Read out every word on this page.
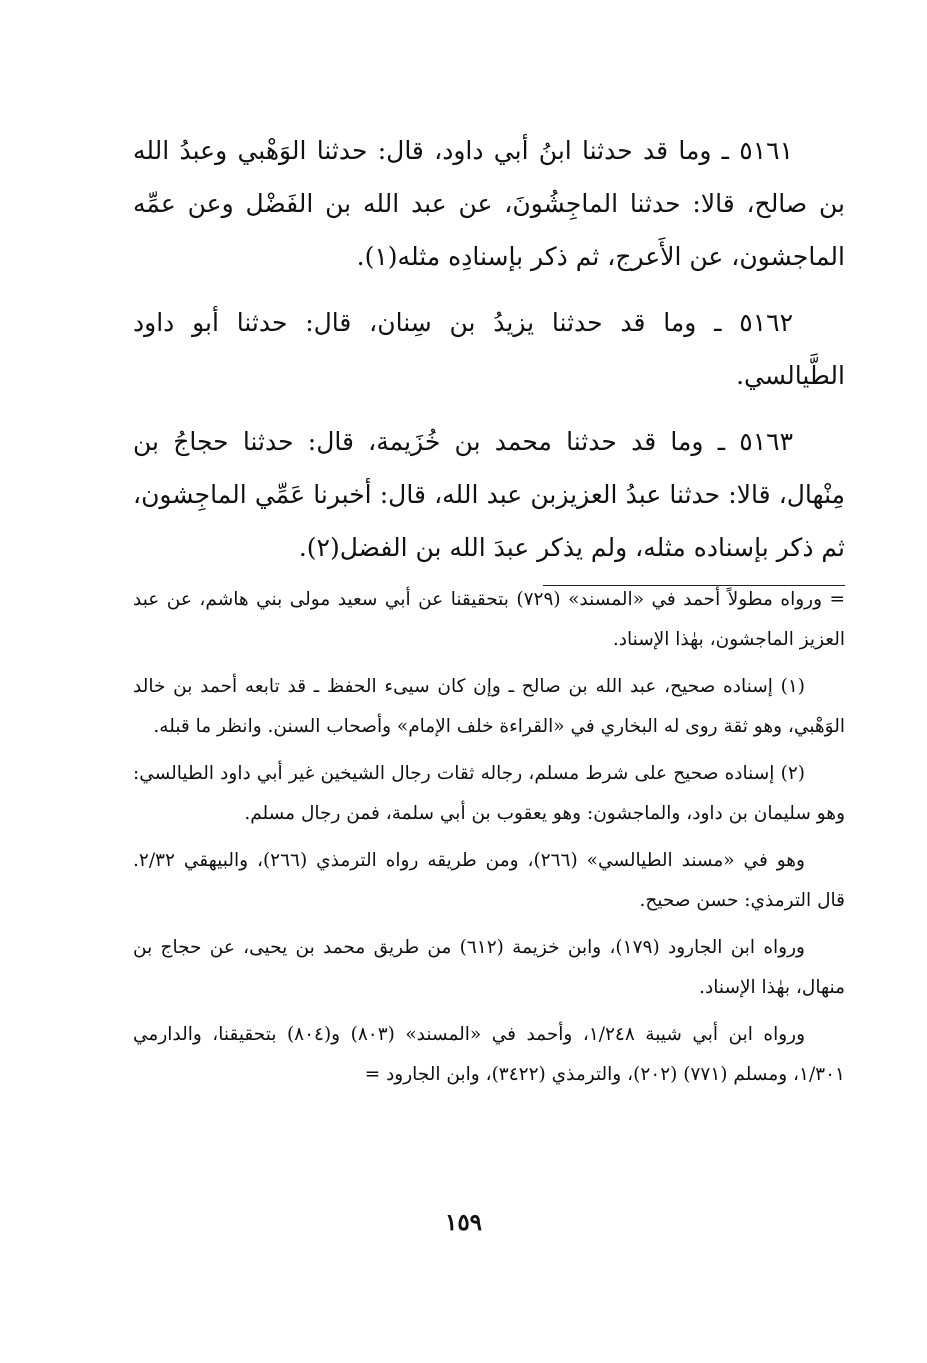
٥١٦١ ـ وما قد حدثنا ابنُ أبي داود، قال: حدثنا الوَهْبي وعبدُ الله بن صالح، قالا: حدثنا الماجِشُونَ، عن عبد الله بن الفَضْل وعن عمِّه الماجشون، عن الأَعرج، ثم ذكر بإسنادِه مثله(١).

٥١٦٢ ـ وما قد حدثنا يزيدُ بن سِنان، قال: حدثنا أبو داود الطَّيالسي.

٥١٦٣ ـ وما قد حدثنا محمد بن خُزَيمة، قال: حدثنا حجاجُ بن مِنْهال، قالا: حدثنا عبدُ العزيزبن عبد الله، قال: أخبرنا عَمِّي الماجِشون، ثم ذكر بإسناده مثله، ولم يذكر عبدَ الله بن الفضل(٢).

= ورواه مطولاً أحمد في «المسند» (٧٢٩) بتحقيقنا عن أبي سعيد مولى بني هاشم، عن عبد العزيز الماجشون، بهٰذا الإسناد.

(١) إسناده صحيح، عبد الله بن صالح ـ وإن كان سيىء الحفظ ـ قد تابعه أحمد بن خالد الوَهْبي، وهو ثقة روى له البخاري في «القراءة خلف الإمام» وأصحاب السنن. وانظر ما قبله.

(٢) إسناده صحيح على شرط مسلم، رجاله ثقات رجال الشيخين غير أبي داود الطيالسي: وهو سليمان بن داود، والماجشون: وهو يعقوب بن أبي سلمة، فمن رجال مسلم.

وهو في «مسند الطيالسي» (٢٦٦)، ومن طريقه رواه الترمذي (٢٦٦)، والبيهقي ٢/٣٢. قال الترمذي: حسن صحيح.

ورواه ابن الجارود (١٧٩)، وابن خزيمة (٦١٢) من طريق محمد بن يحيى، عن حجاج بن منهال، بهٰذا الإسناد.

ورواه ابن أبي شيبة ١/٢٤٨، وأحمد في «المسند» (٨٠٣) و(٨٠٤) بتحقيقنا، والدارمي ١/٣٠١، ومسلم (٧٧١) (٢٠٢)، والترمذي (٣٤٢٢)، وابن الجارود =

١٥٩
